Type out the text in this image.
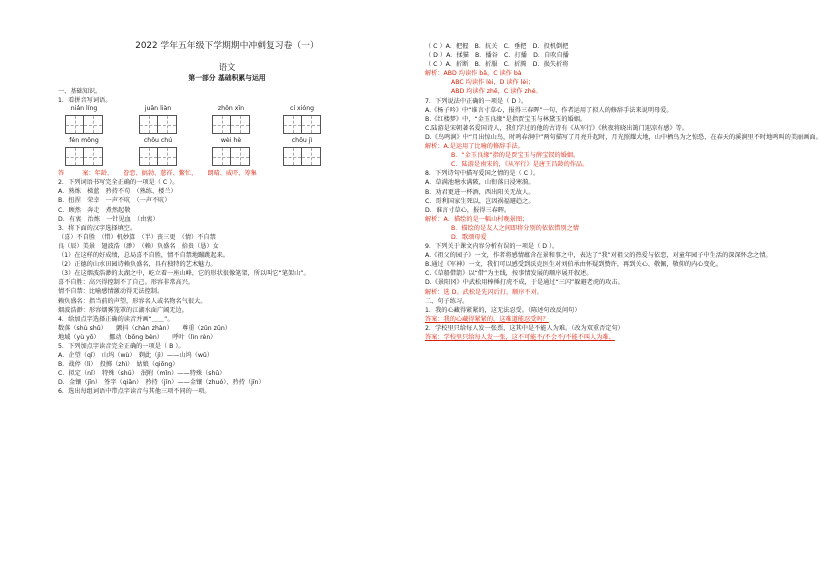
2022 学年五年级下学期期中冲刺复习卷（一）
语文
第一部分 基础积累与运用
一、基础知识。
1．看拼音写词语。
nián líng	juān liàn	zhōn xīn	cí xióng
fén mōng	chōu chú	wèi hè	chōu jì
答	案：年龄、 眷恋、搞勃、慈祥、鳖忙、 朗晴、威吓、筹集
2．下列词语书写完全正确的一项是（ C ）。
A．熟炼　梯蓝　矜持不苟　（熟练、楼兰）
B．扭捏　荣幸　一声不吭　（一声不吭）
C．顾然　奔走　煮然起敬
D．有衷　治炼　一针见血　（由衷）
3．将下面的汉字选择填空。
（喜）不自胜　（惜）机妙算　（半）丧三更　（情）不自禁
良（辰）美景　翅波浩（渺）　（赖）负盛名　拾贵（恳）女
（1）在这样的好成绩，总局喜不自胜，情不自禁地蹦跳起来。
（2）正德的山水田园诗赖负盛名，具有独特的艺术魅力。
（3）在这烟波浩渺的太湖之中，屹立着一座山峰，它的形状很像笔架，所以叫它“笔架山”。
喜不自胜：高兴得控制不了自己。形容非常高兴。
情不自禁：比喻感情激动得无法控制。
赖负盛名：指当前的声望，形容名人或名物名气很大。
烟波浩渺：形容烟雾笼罩的江湖水面广阔无边。
4．给加点字选择正确的读音并画“＿＿”。
数落（shù shǔ）　　颤抖（chàn zhàn）　　尊重（zūn zūn）
地域（yù yō）　　挪动（bōng bèn）　　呼叶（lìn rèn）
5．下列加点字读音完全正确的一项是（ B ）。
A．企望（qǐ）　山坞（wù）　剃此（jì）——山坞（wǔ）
B．战停（lì）　投掷（zhì）　姑娘（qiōng）
C．拟定（nǐ）　特殊（shū）　泯附（mǐn）——特殊（shū）
D．金镶（jīn）　签字（qiān）　矜持（jīn）——金镶（zhuó）、矜持（jīn）
6．选出每组词语中带点字读音与其他三项不同的一项。
（ C ）A．把握　B．抗关　C．垂把　D．投机倒把
（ D ）A．揉猫　B．播谷　C．打播　D．自吹自播
（ C ）A．折断　B．折服　C．折腾　D．损失折将
解析：ABD 均读作 bǎ，C 读作 bà
ABC 均读作 lèi，D 读作 lèi；
ABD 均读作 zhē，C 读作 zhé。
7．下列说法中正确的一项是（ D ）。
A.《杨子吟》中“谁言寸草心，报得三春晖”一句，作者运用了拟人的修辞手法来说明母爱。
B.《红楼梦》中，“金玉良缘”是指贾宝玉与林黛玉的婚姻。
C.陆游是宋朝著名爱国诗人，我们学过的他的古诗有《从军行》《秋夜将晓出篱门迎凉有感》等。
D.《鸟鸣涧》中“月出惊山鸟，时鸣春涧中”两句描写了月亮升起时，月光照耀大地，山中栖鸟为之惊恐，在春天的溪涧里不时地鸣叫的美丽画面。
解析：A.是运用了比喻的修辞手法。
B．“金玉良缘”指的是贾宝玉与薛宝钗的婚姻。
C．陆游是南宋的，《从军行》是唐王昌龄的作品。
8．下列诗句中描写爱国之情的是（ C ）。
A．草满池塘水满陂，山衔落日浸寒漪。
B．劝君更进一杯酒，西出阳关无故人。
C．哥利国家生死以，岂因祸福避趋之。
D．谁言寸草心，报得三春晖。
解析：A．描绘的是一幅山村晚景图；
B．描绘的是友人之间即将分别的依依惜别之情
D．歌颂母爱
9．下列关于课文内容分析有误的一项是（ D ）。
A.《祖父的园子》一文，作者将感情蕴含在景和事之中，表达了“我”对祖父的热爱与依恋，对童年园子中生活的深深怀念之情。
B.通过《军神》一文，我们可以感受到沃克医生对刘伯承由怀疑到赞许，再到关心、敬佩，敬仰的内心变化。
C.《草船借箭》以“借”为主线，按事情发展的顺序展开叙述。
D.《景阳冈》中武松用棒捶打虎不成，于是通过“三闪”躲避老虎的攻击。
解析：选 D。武松是先闪后打，顺序不对。
二、句子练习。
1．我的心藏得紧紧的，这无法忍受。（陈述句改反问句）
答案：我的心藏得紧紧的，这难道能忍受吗？
2．学校里只给每人发一张票，这其中是不能人为难。（改为双重否定句）
答案：学校里只给每人发一张，这不可能不/不会不/不能不叫人为难。
